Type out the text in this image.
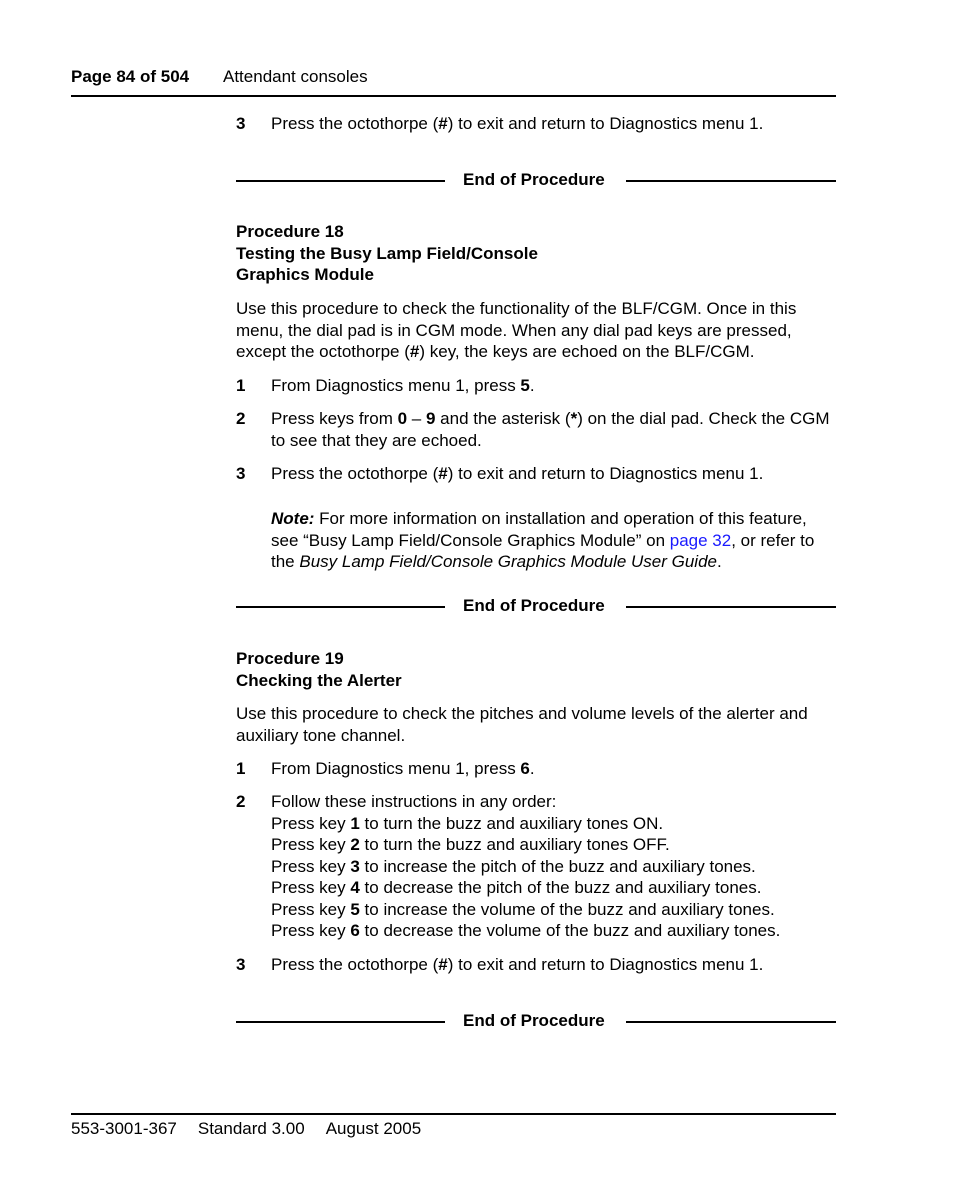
Page 84 of 504 Attendant consoles
3 Press the octothorpe (#) to exit and return to Diagnostics menu 1.
End of Procedure
Procedure 18
Testing the Busy Lamp Field/Console
Graphics Module
Use this procedure to check the functionality of the BLF/CGM. Once in this menu, the dial pad is in CGM mode. When any dial pad keys are pressed, except the octothorpe (#) key, the keys are echoed on the BLF/CGM.
1 From Diagnostics menu 1, press 5.
2 Press keys from 0 – 9 and the asterisk (*) on the dial pad. Check the CGM to see that they are echoed.
3 Press the octothorpe (#) to exit and return to Diagnostics menu 1.
Note: For more information on installation and operation of this feature, see “Busy Lamp Field/Console Graphics Module” on page 32, or refer to the Busy Lamp Field/Console Graphics Module User Guide.
End of Procedure
Procedure 19
Checking the Alerter
Use this procedure to check the pitches and volume levels of the alerter and auxiliary tone channel.
1 From Diagnostics menu 1, press 6.
2 Follow these instructions in any order:
Press key 1 to turn the buzz and auxiliary tones ON.
Press key 2 to turn the buzz and auxiliary tones OFF.
Press key 3 to increase the pitch of the buzz and auxiliary tones.
Press key 4 to decrease the pitch of the buzz and auxiliary tones.
Press key 5 to increase the volume of the buzz and auxiliary tones.
Press key 6 to decrease the volume of the buzz and auxiliary tones.
3 Press the octothorpe (#) to exit and return to Diagnostics menu 1.
End of Procedure
553-3001-367 Standard 3.00 August 2005
